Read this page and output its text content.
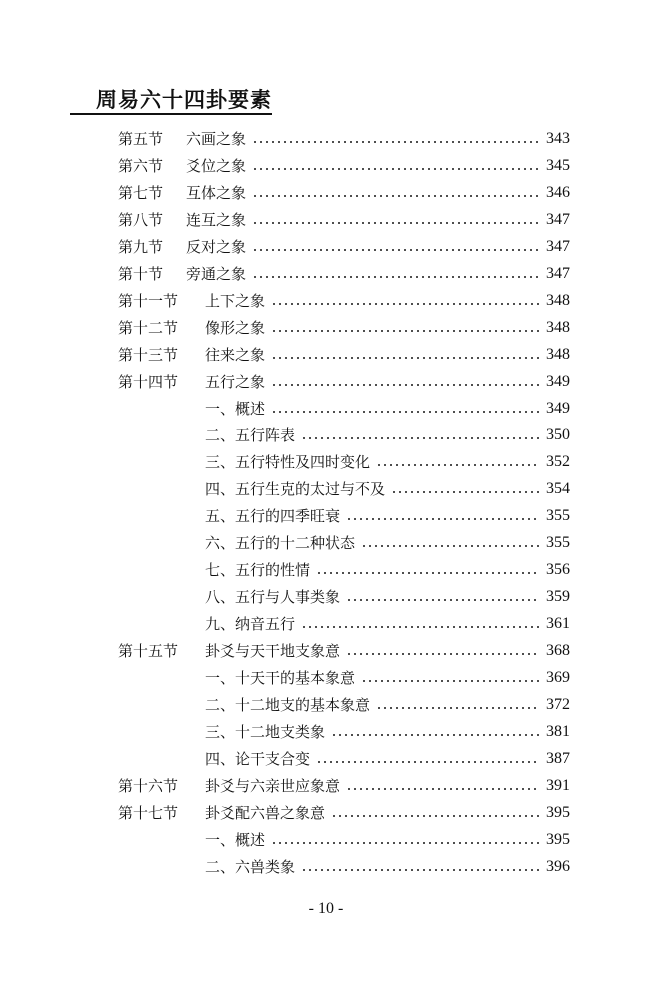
周易六十四卦要素
第五节 六画之象	343
第六节 爻位之象	345
第七节 互体之象	346
第八节 连互之象	347
第九节 反对之象	347
第十节 旁通之象	347
第十一节 上下之象	348
第十二节 像形之象	348
第十三节 往来之象	348
第十四节 五行之象	349
一、概述	349
二、五行阵表	350
三、五行特性及四时变化	352
四、五行生克的太过与不及	354
五、五行的四季旺衰	355
六、五行的十二种状态	355
七、五行的性情	356
八、五行与人事类象	359
九、纳音五行	361
第十五节 卦爻与天干地支象意	368
一、十天干的基本象意	369
二、十二地支的基本象意	372
三、十二地支类象	381
四、论干支合变	387
第十六节 卦爻与六亲世应象意	391
第十七节 卦爻配六兽之象意	395
一、概述	395
二、六兽类象	396
- 10 -
